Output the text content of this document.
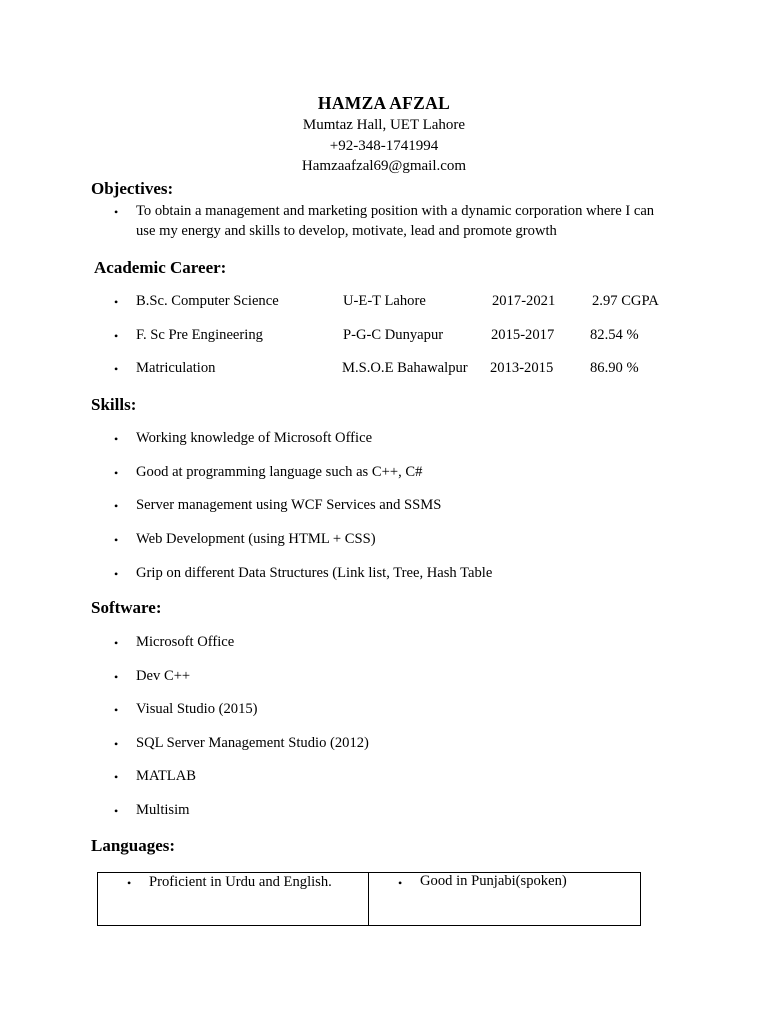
HAMZA AFZAL
Mumtaz Hall, UET Lahore
+92-348-1741994
Hamzaafzal69@gmail.com
Objectives:
• To obtain a management and marketing position with a dynamic corporation where I can
use my energy and skills to develop, motivate, lead and promote growth
Academic Career:
• B.Sc. Computer Science	U-E-T Lahore	2017-2021	2.97 CGPA
• F. Sc Pre Engineering	P-G-C Dunyapur	2015-2017 82.54 %
• Matriculation	M.S.O.E Bahawalpur 2013-2015	86.90 %
Skills:
• Working knowledge of Microsoft Office
• Good at programming language such as C++, C#
• Server management using WCF Services and SSMS
• Web Development (using HTML + CSS)
• Grip on different Data Structures (Link list, Tree, Hash Table
Software:
• Microsoft Office
• Dev C++
• Visual Studio (2015)
• SQL Server Management Studio (2012)
• MATLAB
• Multisim
Languages:
• Proficient in Urdu and English.	• Good in Punjabi(spoken)
